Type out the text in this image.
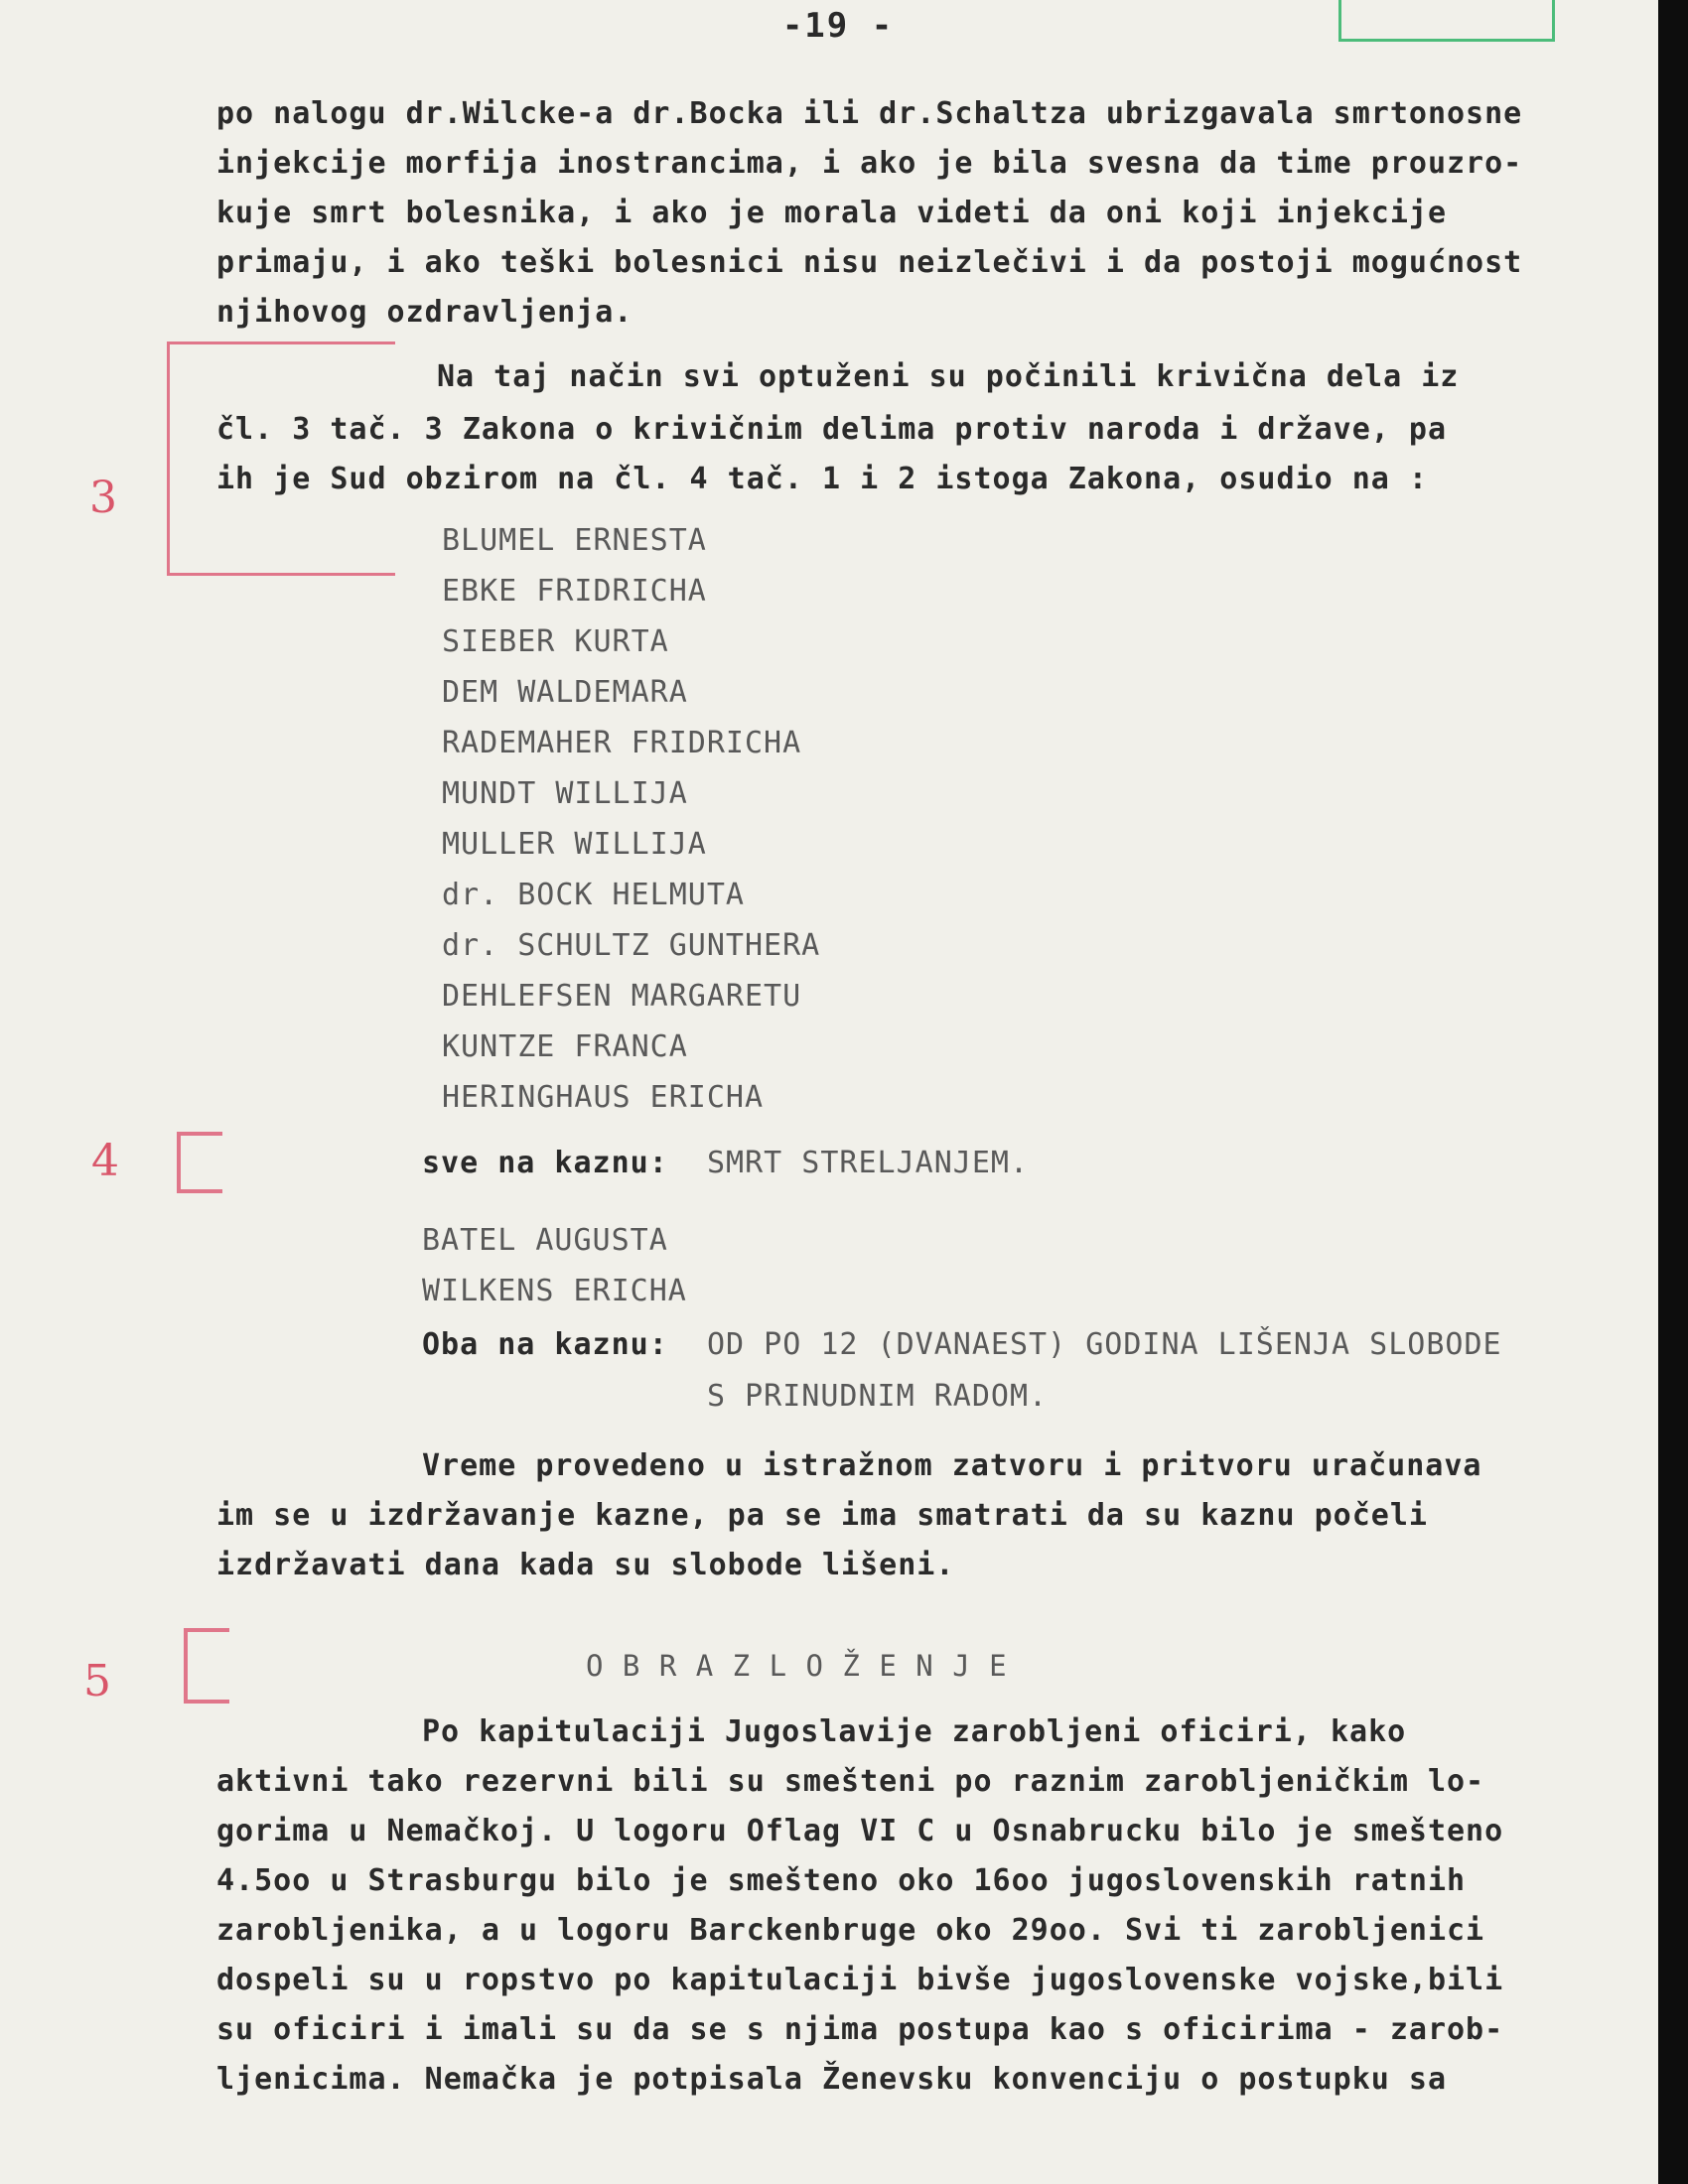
-19 -
po nalogu dr.Wilcke-a dr.Bocka ili dr.Schaltza ubrizgavala smrtonosne
injekcije morfija inostrancima, i ako je bila svesna da time prouzro-
kuje smrt bolesnika, i ako je morala videti da oni koji injekcije
primaju, i ako teški bolesnici nisu neizlečivi i da postoji mogućnost
njihovog ozdravljenja.
Na taj način svi optuženi su počinili krivična dela iz
čl. 3 tač. 3 Zakona o krivičnim delima protiv naroda i države, pa
ih je Sud obzirom na čl. 4 tač. 1 i 2 istoga Zakona, osudio na :
3
BLUMEL ERNESTA
EBKE FRIDRICHA
SIEBER KURTA
DEM WALDEMARA
RADEMAHER FRIDRICHA
MUNDT WILLIJA
MULLER WILLIJA
dr. BOCK HELMUTA
dr. SCHULTZ GUNTHERA
DEHLEFSEN MARGARETU
KUNTZE FRANCA
HERINGHAUS ERICHA
4	sve na kaznu: SMRT STRELJANJEM.
BATEL AUGUSTA
WILKENS ERICHA
Oba na kaznu: OD PO 12 (DVANAEST) GODINA LIŠENJA SLOBODE
S PRINUDNIM RADOM.
Vreme provedeno u istražnom zatvoru i pritvoru uračunava
im se u izdržavanje kazne, pa se ima smatrati da su kaznu počeli
izdržavati dana kada su slobode lišeni.
5	O B R A Z L O Ž E N J E
Po kapitulaciji Jugoslavije zarobljeni oficiri, kako
aktivni tako rezervni bili su smešteni po raznim zarobljeničkim lo-
gorima u Nemačkoj. U logoru Oflag VI C u Osnabrucku bilo je smešteno
4.5oo u Strasburgu bilo je smešteno oko 16oo jugoslovenskih ratnih
zarobljenika, a u logoru Barckenbruge oko 29oo. Svi ti zarobljenici
dospeli su u ropstvo po kapitulaciji bivše jugoslovenske vojske,bili
su oficiri i imali su da se s njima postupa kao s oficirima - zarob-
ljenicima. Nemačka je potpisala Ženevsku konvenciju o postupku sa
